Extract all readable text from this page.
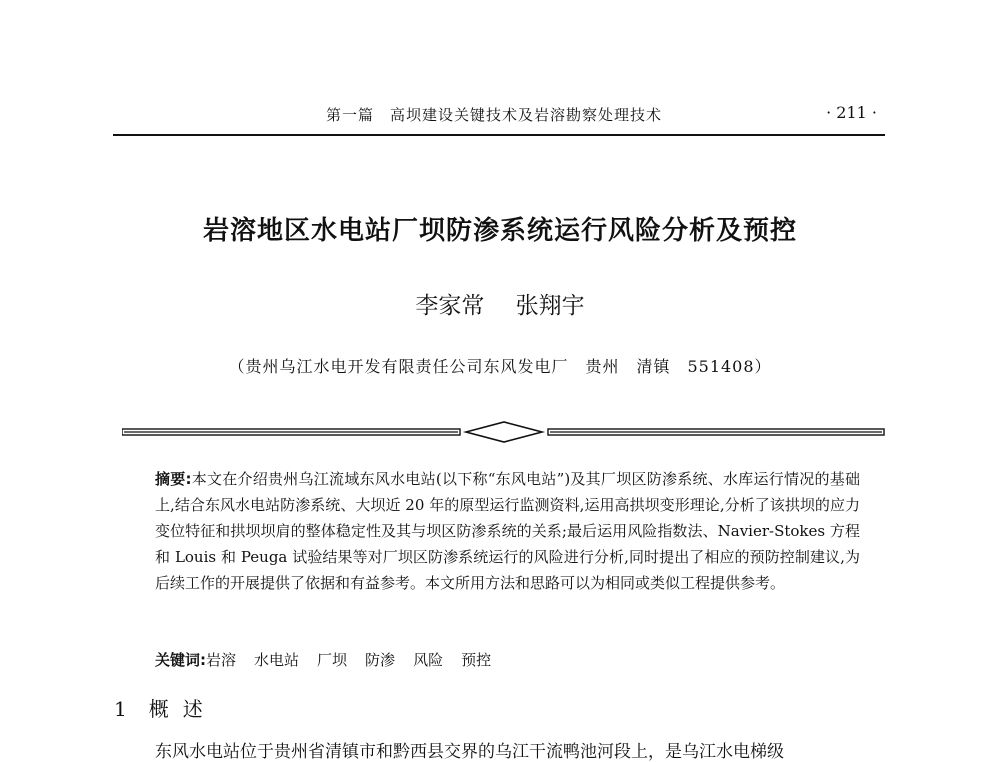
第一篇　高坝建设关键技术及岩溶勘察处理技术	· 211 ·
岩溶地区水电站厂坝防渗系统运行风险分析及预控
李家常 张翔宇
（贵州乌江水电开发有限责任公司东风发电厂　贵州　清镇　551408）
摘要:本文在介绍贵州乌江流域东风水电站(以下称“东风电站”)及其厂坝区防渗系统、水库运行情况的基础上,结合东风水电站防渗系统、大坝近 20 年的原型运行监测资料,运用高拱坝变形理论,分析了该拱坝的应力变位特征和拱坝坝肩的整体稳定性及其与坝区防渗系统的关系;最后运用风险指数法、Navier-Stokes 方程和 Louis 和 Peuga 试验结果等对厂坝区防渗系统运行的风险进行分析,同时提出了相应的预防控制建议,为后续工作的开展提供了依据和有益参考。本文所用方法和思路可以为相同或类似工程提供参考。
关键词:岩溶 水电站 厂坝 防渗 风险 预控
1 概述
东风水电站位于贵州省清镇市和黔西县交界的乌江干流鸭池河段上，是乌江水电梯级
